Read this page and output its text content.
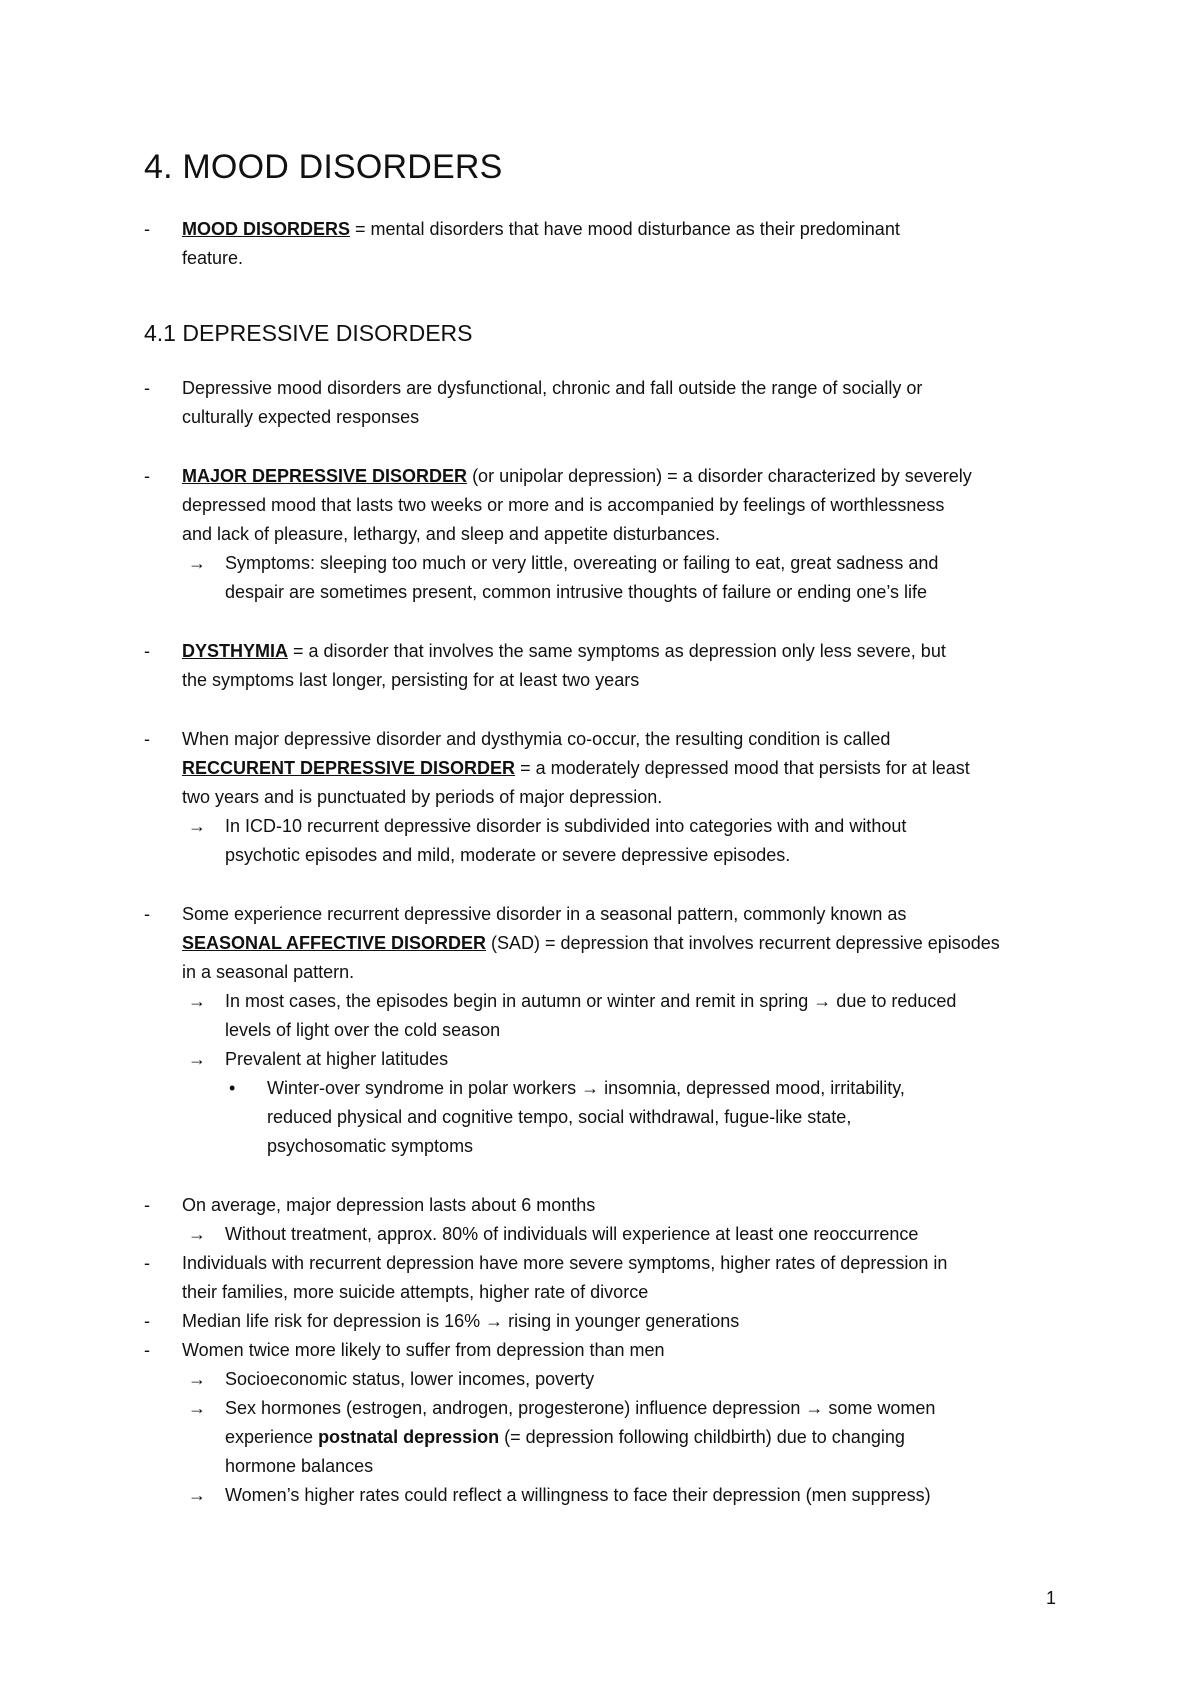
4. MOOD DISORDERS
- MOOD DISORDERS = mental disorders that have mood disturbance as their predominant
feature.
4.1 DEPRESSIVE DISORDERS
- Depressive mood disorders are dysfunctional, chronic and fall outside the range of socially or
culturally expected responses
- MAJOR DEPRESSIVE DISORDER (or unipolar depression) = a disorder characterized by severely
depressed mood that lasts two weeks or more and is accompanied by feelings of worthlessness
and lack of pleasure, lethargy, and sleep and appetite disturbances.
→ Symptoms: sleeping too much or very little, overeating or failing to eat, great sadness and
despair are sometimes present, common intrusive thoughts of failure or ending one’s life
- DYSTHYMIA = a disorder that involves the same symptoms as depression only less severe, but
the symptoms last longer, persisting for at least two years
- When major depressive disorder and dysthymia co-occur, the resulting condition is called
RECCURENT DEPRESSIVE DISORDER = a moderately depressed mood that persists for at least
two years and is punctuated by periods of major depression.
→ In ICD-10 recurrent depressive disorder is subdivided into categories with and without
psychotic episodes and mild, moderate or severe depressive episodes.
- Some experience recurrent depressive disorder in a seasonal pattern, commonly known as
SEASONAL AFFECTIVE DISORDER (SAD) = depression that involves recurrent depressive episodes
in a seasonal pattern.
→ In most cases, the episodes begin in autumn or winter and remit in spring → due to reduced
levels of light over the cold season
→ Prevalent at higher latitudes
• Winter-over syndrome in polar workers → insomnia, depressed mood, irritability,
reduced physical and cognitive tempo, social withdrawal, fugue-like state,
psychosomatic symptoms
- On average, major depression lasts about 6 months
→ Without treatment, approx. 80% of individuals will experience at least one reoccurrence
- Individuals with recurrent depression have more severe symptoms, higher rates of depression in
their families, more suicide attempts, higher rate of divorce
- Median life risk for depression is 16% → rising in younger generations
- Women twice more likely to suffer from depression than men
→ Socioeconomic status, lower incomes, poverty
→ Sex hormones (estrogen, androgen, progesterone) influence depression → some women
experience postnatal depression (= depression following childbirth) due to changing
hormone balances
→ Women’s higher rates could reflect a willingness to face their depression (men suppress)
1
